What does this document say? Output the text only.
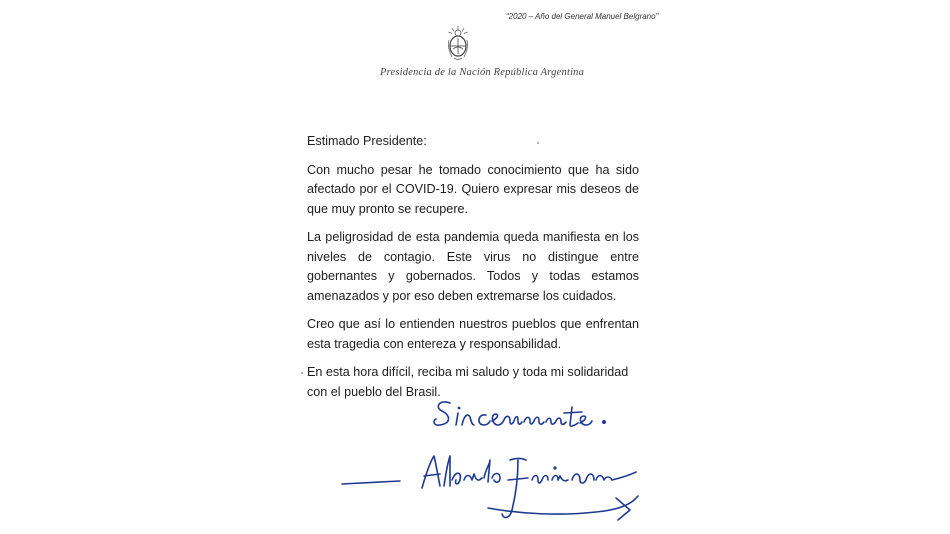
“2020 – Año del General Manuel Belgrano”
Presidencia de la Nación República Argentina

Estimado Presidente:

Con mucho pesar he tomado conocimiento que ha sido afectado por el COVID-19. Quiero expresar mis deseos de que muy pronto se recupere.

La peligrosidad de esta pandemia queda manifiesta en los niveles de contagio. Este virus no distingue entre gobernantes y gobernados. Todos y todas estamos amenazados y por eso deben extremarse los cuidados.

Creo que así lo entienden nuestros pueblos que enfrentan esta tragedia con entereza y responsabilidad.

En esta hora difícil, reciba mi saludo y toda mi solidaridad con el pueblo del Brasil.
